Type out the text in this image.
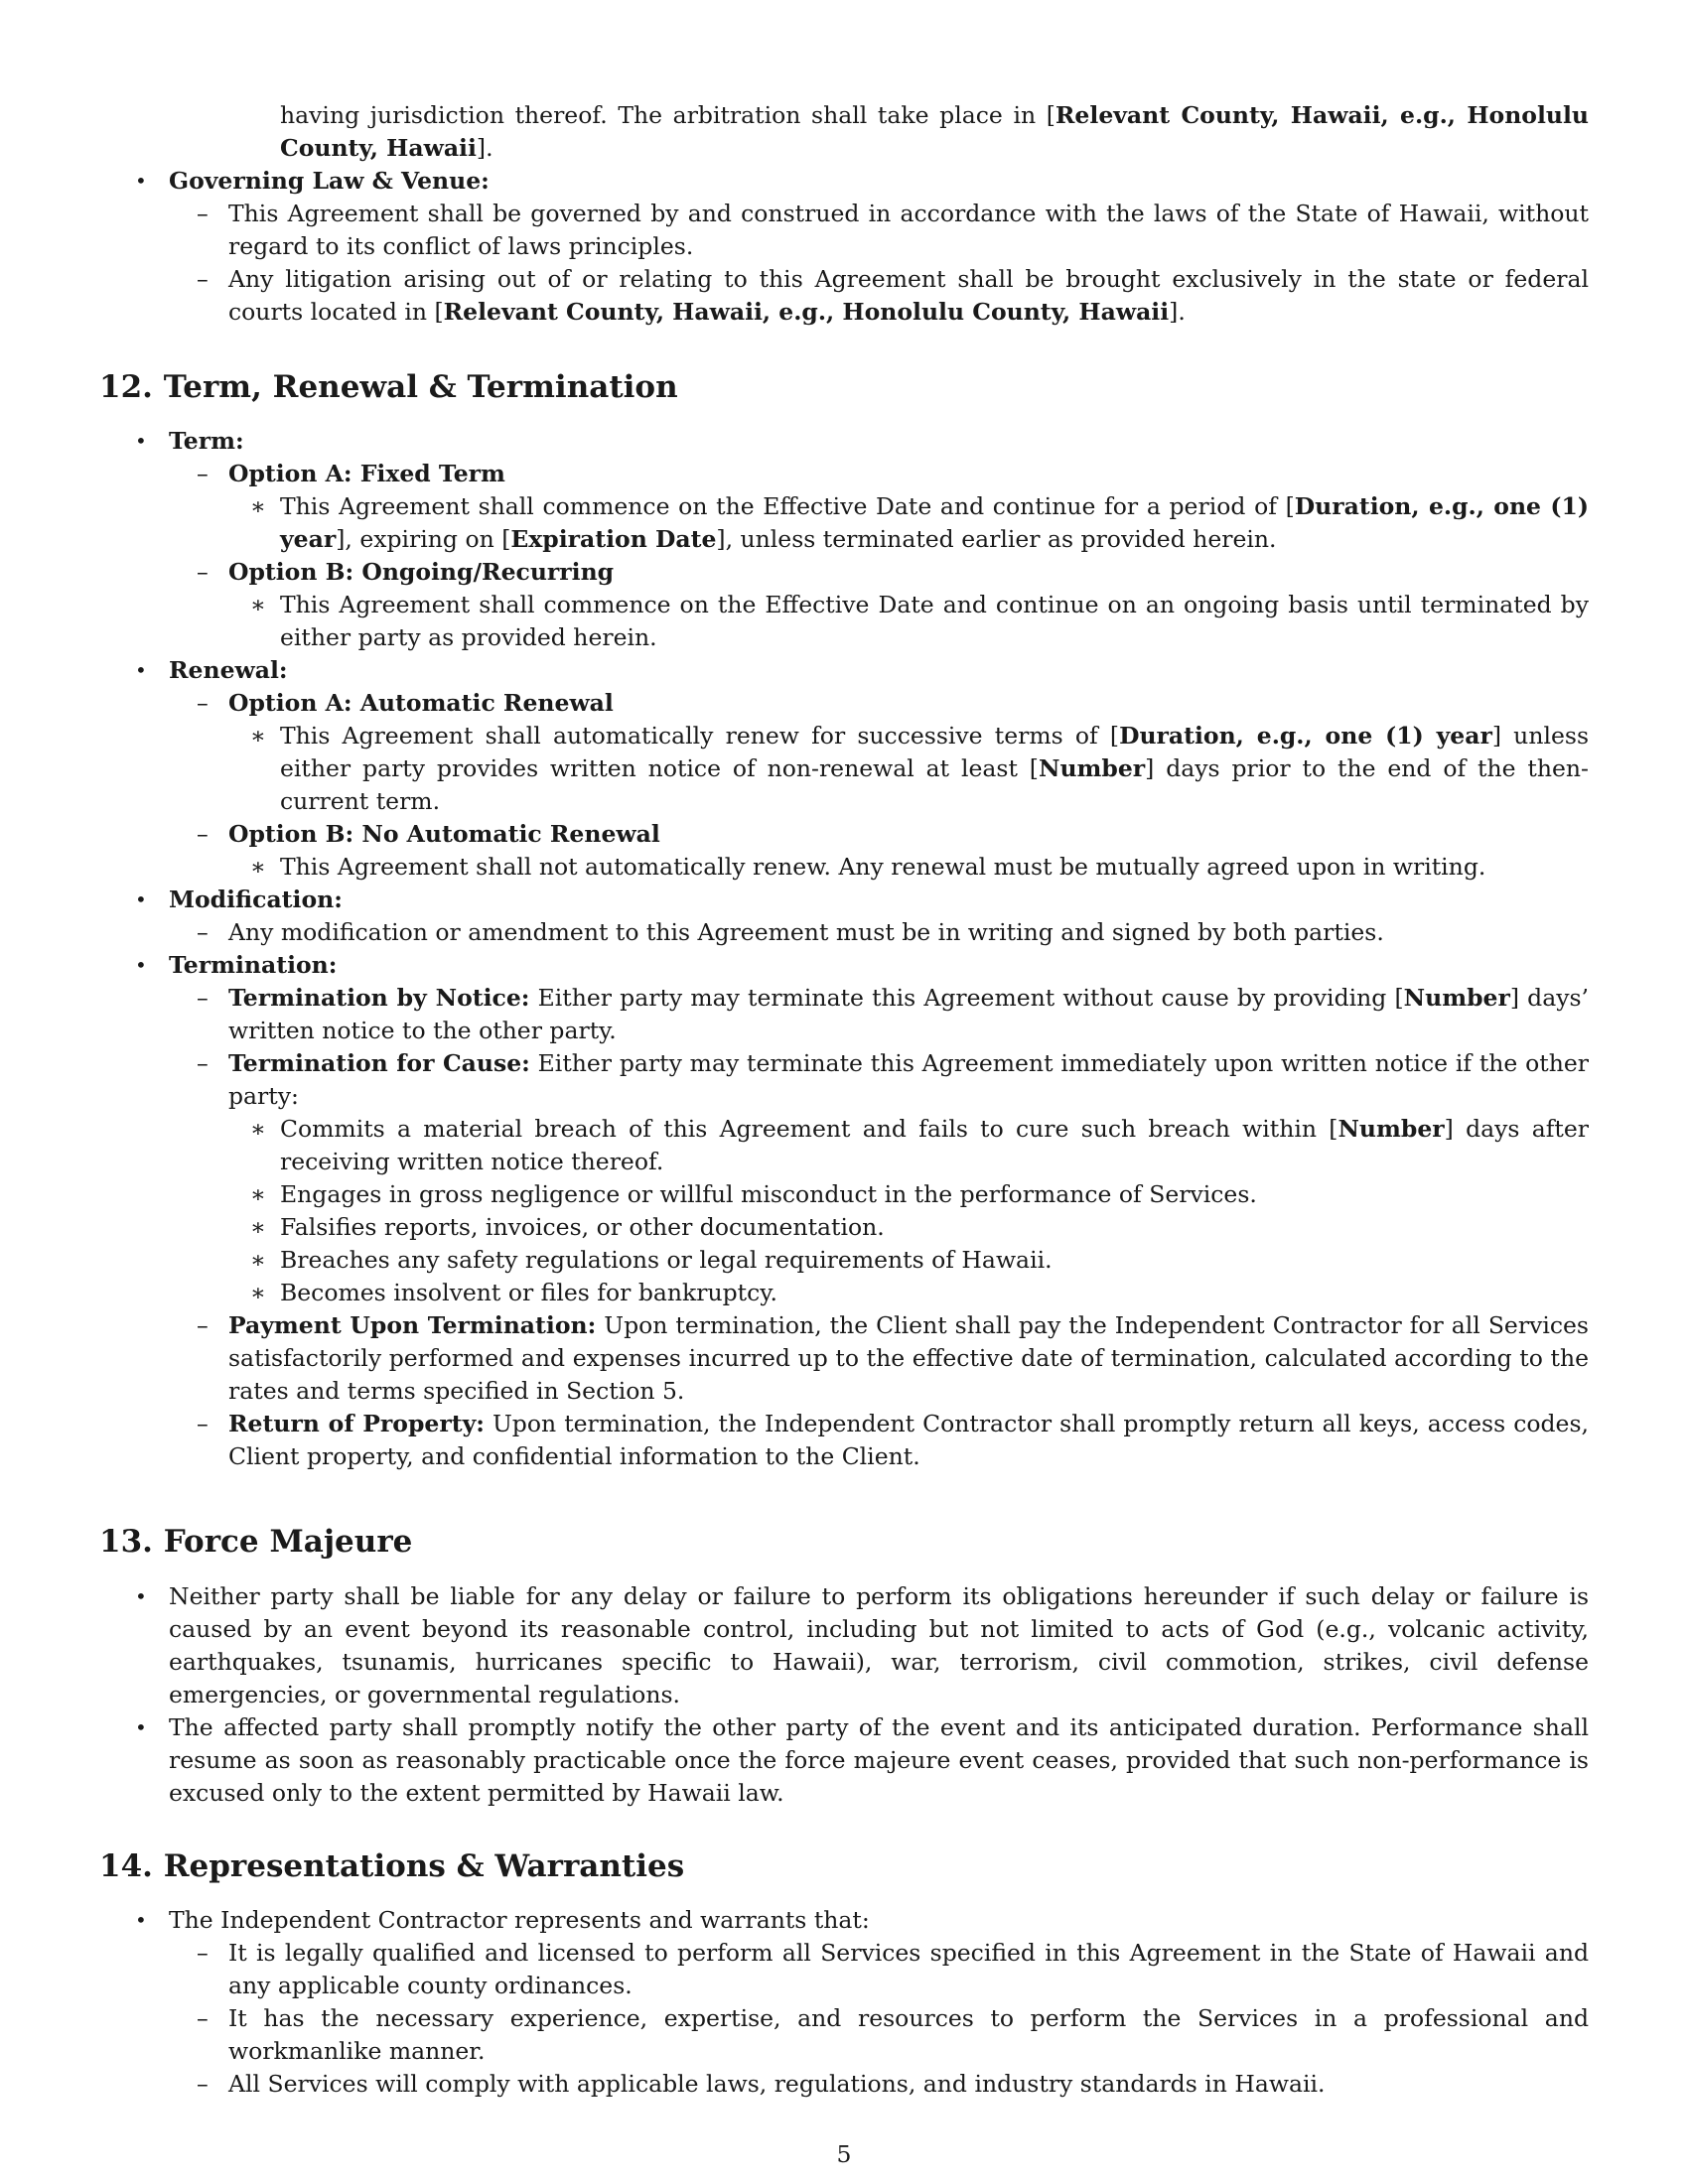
having jurisdiction thereof. The arbitration shall take place in [Relevant County, Hawaii, e.g., Honolulu County, Hawaii].
• Governing Law & Venue:
– This Agreement shall be governed by and construed in accordance with the laws of the State of Hawaii, without regard to its conflict of laws principles.
– Any litigation arising out of or relating to this Agreement shall be brought exclusively in the state or federal courts located in [Relevant County, Hawaii, e.g., Honolulu County, Hawaii].
12. Term, Renewal & Termination
• Term:
– Option A: Fixed Term
∗ This Agreement shall commence on the Effective Date and continue for a period of [Duration, e.g., one (1) year], expiring on [Expiration Date], unless terminated earlier as provided herein.
– Option B: Ongoing/Recurring
∗ This Agreement shall commence on the Effective Date and continue on an ongoing basis until terminated by either party as provided herein.
• Renewal:
– Option A: Automatic Renewal
∗ This Agreement shall automatically renew for successive terms of [Duration, e.g., one (1) year] unless either party provides written notice of non-renewal at least [Number] days prior to the end of the then-current term.
– Option B: No Automatic Renewal
∗ This Agreement shall not automatically renew. Any renewal must be mutually agreed upon in writing.
• Modification:
– Any modification or amendment to this Agreement must be in writing and signed by both parties.
• Termination:
– Termination by Notice: Either party may terminate this Agreement without cause by providing [Number] days’ written notice to the other party.
– Termination for Cause: Either party may terminate this Agreement immediately upon written notice if the other party:
∗ Commits a material breach of this Agreement and fails to cure such breach within [Number] days after receiving written notice thereof.
∗ Engages in gross negligence or willful misconduct in the performance of Services.
∗ Falsifies reports, invoices, or other documentation.
∗ Breaches any safety regulations or legal requirements of Hawaii.
∗ Becomes insolvent or files for bankruptcy.
– Payment Upon Termination: Upon termination, the Client shall pay the Independent Contractor for all Services satisfactorily performed and expenses incurred up to the effective date of termination, calculated according to the rates and terms specified in Section 5.
– Return of Property: Upon termination, the Independent Contractor shall promptly return all keys, access codes, Client property, and confidential information to the Client.
13. Force Majeure
• Neither party shall be liable for any delay or failure to perform its obligations hereunder if such delay or failure is caused by an event beyond its reasonable control, including but not limited to acts of God (e.g., volcanic activity, earthquakes, tsunamis, hurricanes specific to Hawaii), war, terrorism, civil commotion, strikes, civil defense emergencies, or governmental regulations.
• The affected party shall promptly notify the other party of the event and its anticipated duration. Performance shall resume as soon as reasonably practicable once the force majeure event ceases, provided that such non-performance is excused only to the extent permitted by Hawaii law.
14. Representations & Warranties
• The Independent Contractor represents and warrants that:
– It is legally qualified and licensed to perform all Services specified in this Agreement in the State of Hawaii and any applicable county ordinances.
– It has the necessary experience, expertise, and resources to perform the Services in a professional and workmanlike manner.
– All Services will comply with applicable laws, regulations, and industry standards in Hawaii.
5
